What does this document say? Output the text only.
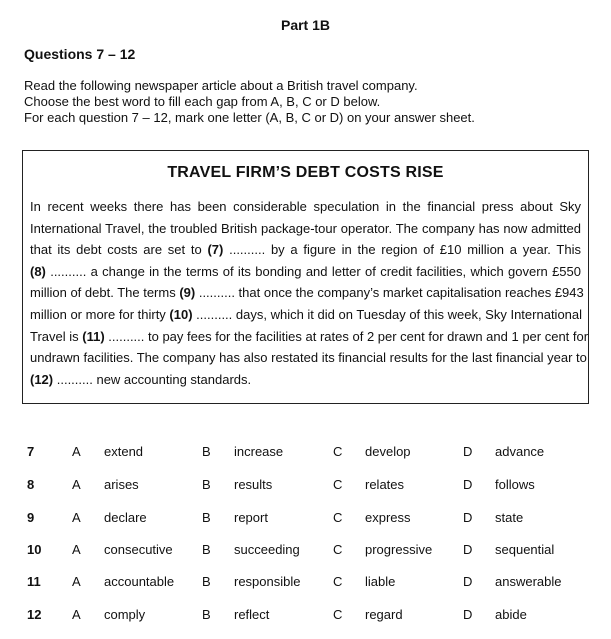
Part 1B
Questions 7 – 12
Read the following newspaper article about a British travel company.
Choose the best word to fill each gap from A, B, C or D below.
For each question 7 – 12, mark one letter (A, B, C or D) on your answer sheet.
TRAVEL FIRM’S DEBT COSTS RISE
In recent weeks there has been considerable speculation in the financial press about Sky
International Travel, the troubled British package-tour operator. The company has now admitted
that its debt costs are set to (7) .......... by a figure in the region of £10 million a year. This
(8) .......... a change in the terms of its bonding and letter of credit facilities, which govern £550
million of debt. The terms (9) .......... that once the company’s market capitalisation reaches £943
million or more for thirty (10) .......... days, which it did on Tuesday of this week, Sky International
Travel is (11) .......... to pay fees for the facilities at rates of 2 per cent for drawn and 1 per cent for
undrawn facilities. The company has also restated its financial results for the last financial year to
(12) .......... new accounting standards.
7	A extend	B increase	C develop	D advance
8	A arises	B results	C relates	D follows
9	A declare	B report	C express	D state
10 A consecutive B succeeding	C progressive D sequential
11 A accountable B responsible	C liable	D answerable
12 A comply	B reflect	C regard	D abide
